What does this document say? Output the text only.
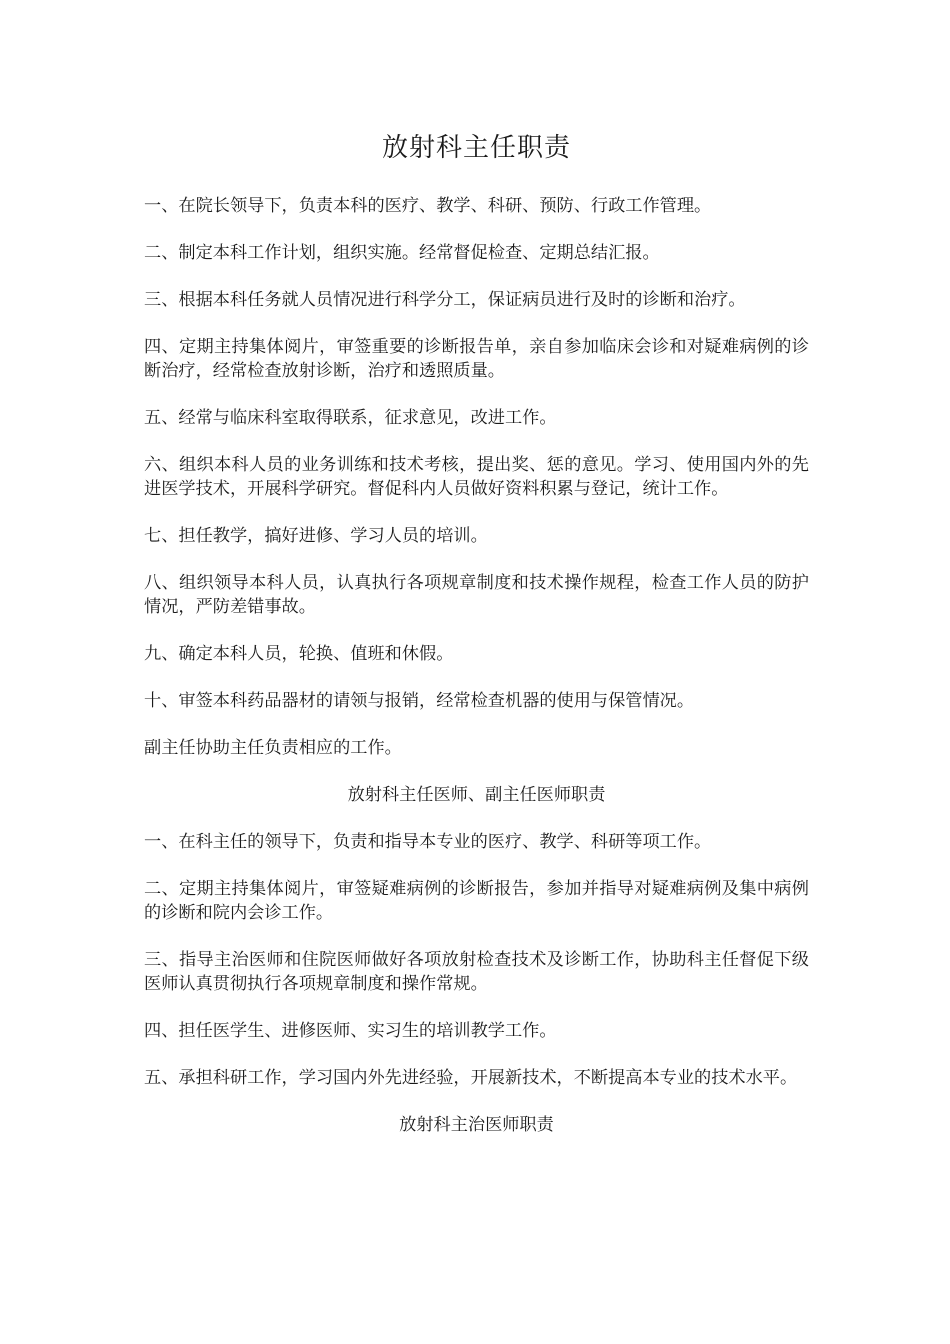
放射科主任职责

一、在院长领导下，负责本科的医疗、教学、科研、预防、行政工作管理。

二、制定本科工作计划，组织实施。经常督促检查、定期总结汇报。

三、根据本科任务就人员情况进行科学分工，保证病员进行及时的诊断和治疗。

四、定期主持集体阅片，审签重要的诊断报告单，亲自参加临床会诊和对疑难病例的诊断治疗，经常检查放射诊断，治疗和透照质量。

五、经常与临床科室取得联系，征求意见，改进工作。

六、组织本科人员的业务训练和技术考核，提出奖、惩的意见。学习、使用国内外的先进医学技术，开展科学研究。督促科内人员做好资料积累与登记，统计工作。

七、担任教学，搞好进修、学习人员的培训。

八、组织领导本科人员，认真执行各项规章制度和技术操作规程，检查工作人员的防护情况，严防差错事故。

九、确定本科人员，轮换、值班和休假。

十、审签本科药品器材的请领与报销，经常检查机器的使用与保管情况。

副主任协助主任负责相应的工作。

放射科主任医师、副主任医师职责

一、在科主任的领导下，负责和指导本专业的医疗、教学、科研等项工作。

二、定期主持集体阅片，审签疑难病例的诊断报告，参加并指导对疑难病例及集中病例的诊断和院内会诊工作。

三、指导主治医师和住院医师做好各项放射检查技术及诊断工作，协助科主任督促下级医师认真贯彻执行各项规章制度和操作常规。

四、担任医学生、进修医师、实习生的培训教学工作。

五、承担科研工作，学习国内外先进经验，开展新技术，不断提高本专业的技术水平。

放射科主治医师职责
